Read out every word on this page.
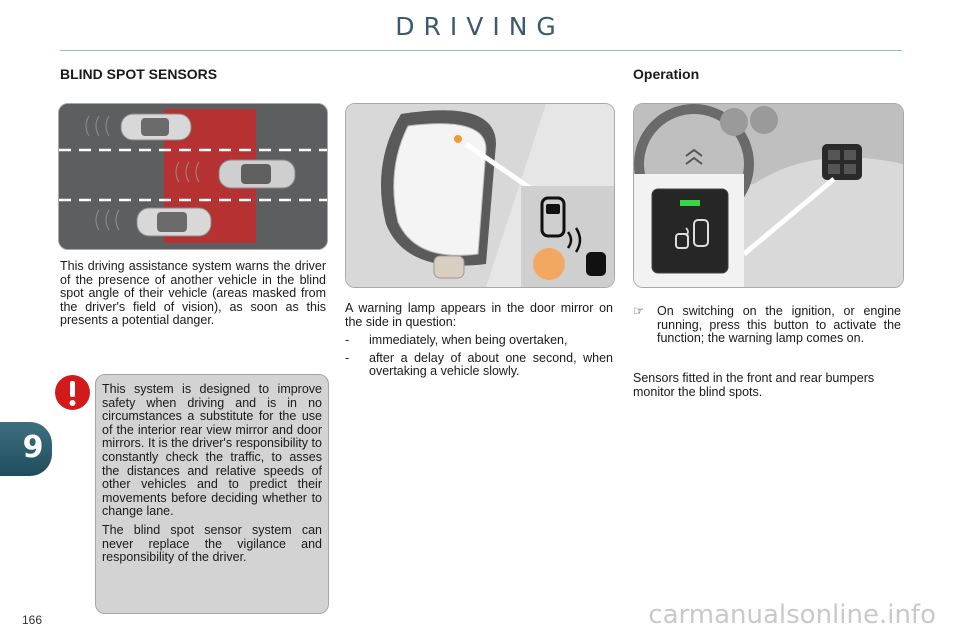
DRIVING
BLIND SPOT SENSORS
This driving assistance system warns the driver of the presence of another vehicle in the blind spot angle of their vehicle (areas masked from the driver's field of vision), as soon as this presents a potential danger.
This system is designed to improve safety when driving and is in no circumstances a substitute for the use of the interior rear view mirror and door mirrors. It is the driver's responsibility to constantly check the traffic, to asses the distances and relative speeds of other vehicles and to predict their movements before deciding whether to change lane.
The blind spot sensor system can never replace the vigilance and responsibility of the driver.
A warning lamp appears in the door mirror on the side in question:
- immediately, when being overtaken,
- after a delay of about one second, when overtaking a vehicle slowly.
Operation
☞ On switching on the ignition, or engine running, press this button to activate the function; the warning lamp comes on.
Sensors fitted in the front and rear bumpers monitor the blind spots.
9
166	carmanualsonline.info
